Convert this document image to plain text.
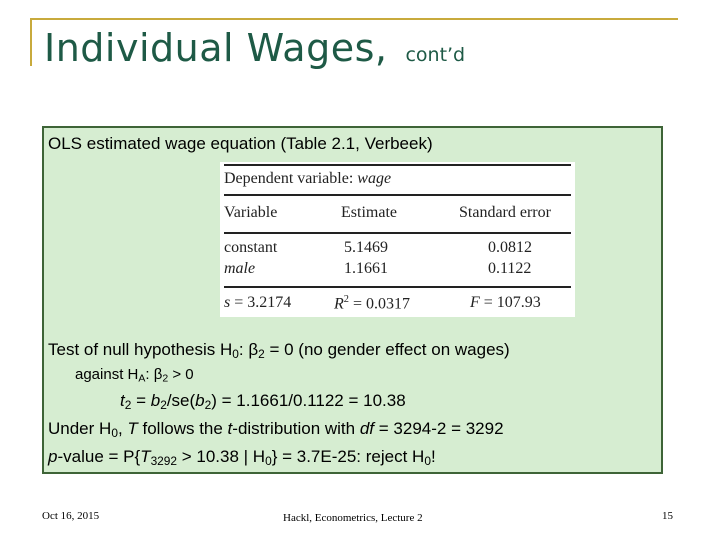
Individual Wages, cont’d
OLS estimated wage equation (Table 2.1, Verbeek)
Dependent variable: wage
Variable	Estimate	Standard error
constant	5.1469	0.0812
male	1.1661	0.1122
s = 3.2174	$R^2 = 0.0317$	F = 107.93
Test of null hypothesis $H_0$: $\beta_2 = 0$ (no gender effect on wages)
against $H_A$: $\beta_2 > 0$
$t_2 = b_2/se(b_2) = 1.1661/0.1122 = 10.38$
Under $H_0$, T follows the t-distribution with df = 3294-2 = 3292
p-value = $P\{T_{3292} > 10.38$ | $H_0\} = 3.7E-25$: reject $H_0$!
Oct 16, 2015	Hackl, Econometrics, Lecture 2	15
